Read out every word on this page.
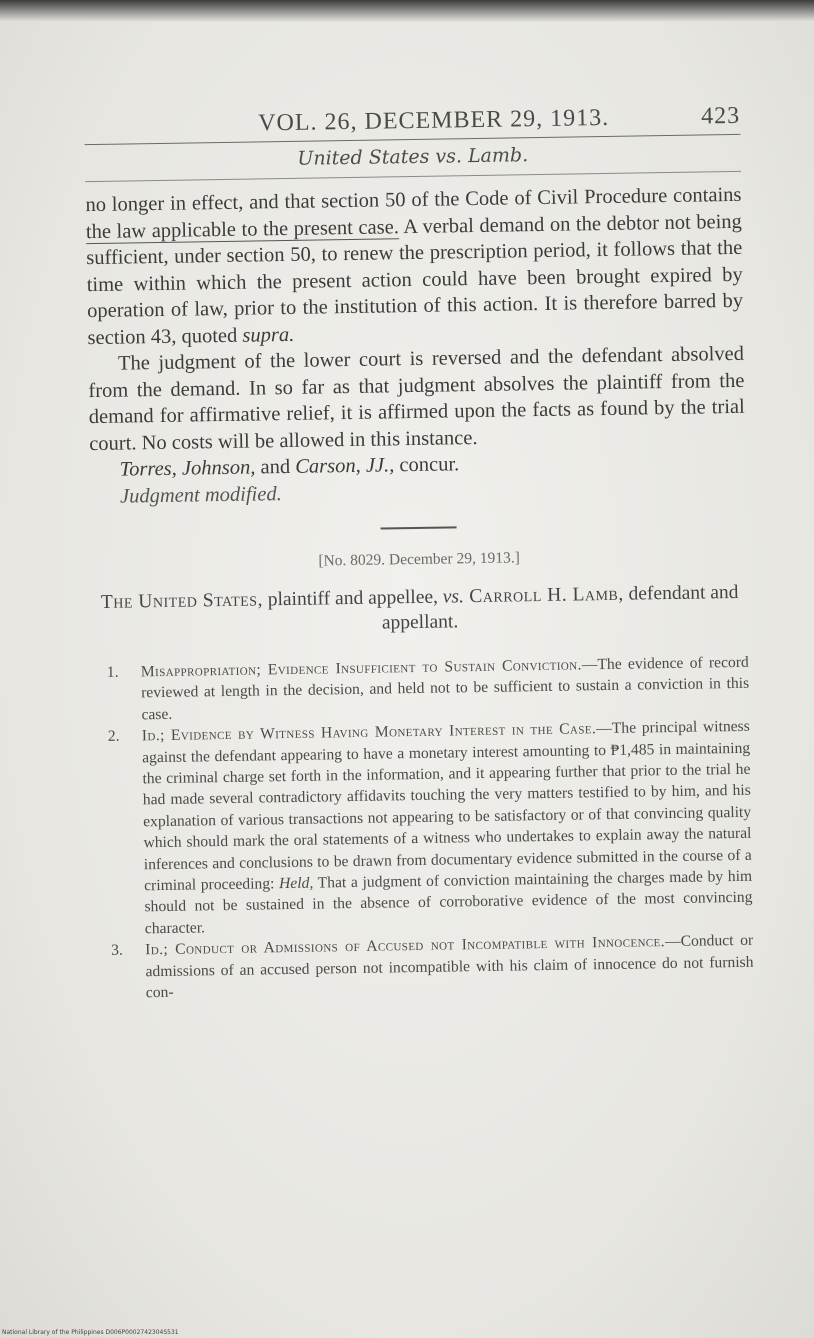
VOL. 26, DECEMBER 29, 1913.	423
United States vs. Lamb.

no longer in effect, and that section 50 of the Code of Civil Procedure contains the law applicable to the present case. A verbal demand on the debtor not being sufficient, under section 50, to renew the prescription period, it follows that the time within which the present action could have been brought expired by operation of law, prior to the institution of this action. It is therefore barred by section 43, quoted supra.

The judgment of the lower court is reversed and the defendant absolved from the demand. In so far as that judgment absolves the plaintiff from the demand for affirmative relief, it is affirmed upon the facts as found by the trial court. No costs will be allowed in this instance.

Torres, Johnson, and Carson, JJ., concur.

Judgment modified.

[No. 8029. December 29, 1913.]
The United States, plaintiff and appellee, vs. Carroll H. Lamb, defendant and appellant.

1. Misappropriation; Evidence Insufficient to Sustain Conviction.—The evidence of record reviewed at length in the decision, and held not to be sufficient to sustain a conviction in this case.

2. Id.; Evidence by Witness Having Monetary Interest in the Case.—The principal witness against the defendant appearing to have a monetary interest amounting to ₱1,485 in maintaining the criminal charge set forth in the information, and it appearing further that prior to the trial he had made several contradictory affidavits touching the very matters testified to by him, and his explanation of various transactions not appearing to be satisfactory or of that convincing quality which should mark the oral statements of a witness who undertakes to explain away the natural inferences and conclusions to be drawn from documentary evidence submitted in the course of a criminal proceeding: Held, That a judgment of conviction maintaining the charges made by him should not be sustained in the absence of corroborative evidence of the most convincing character.

3. Id.; Conduct or Admissions of Accused not Incompatible with Innocence.—Conduct or admissions of an accused person not incompatible with his claim of innocence do not furnish con-

National Library of the Philippines D006P0002742304S531
